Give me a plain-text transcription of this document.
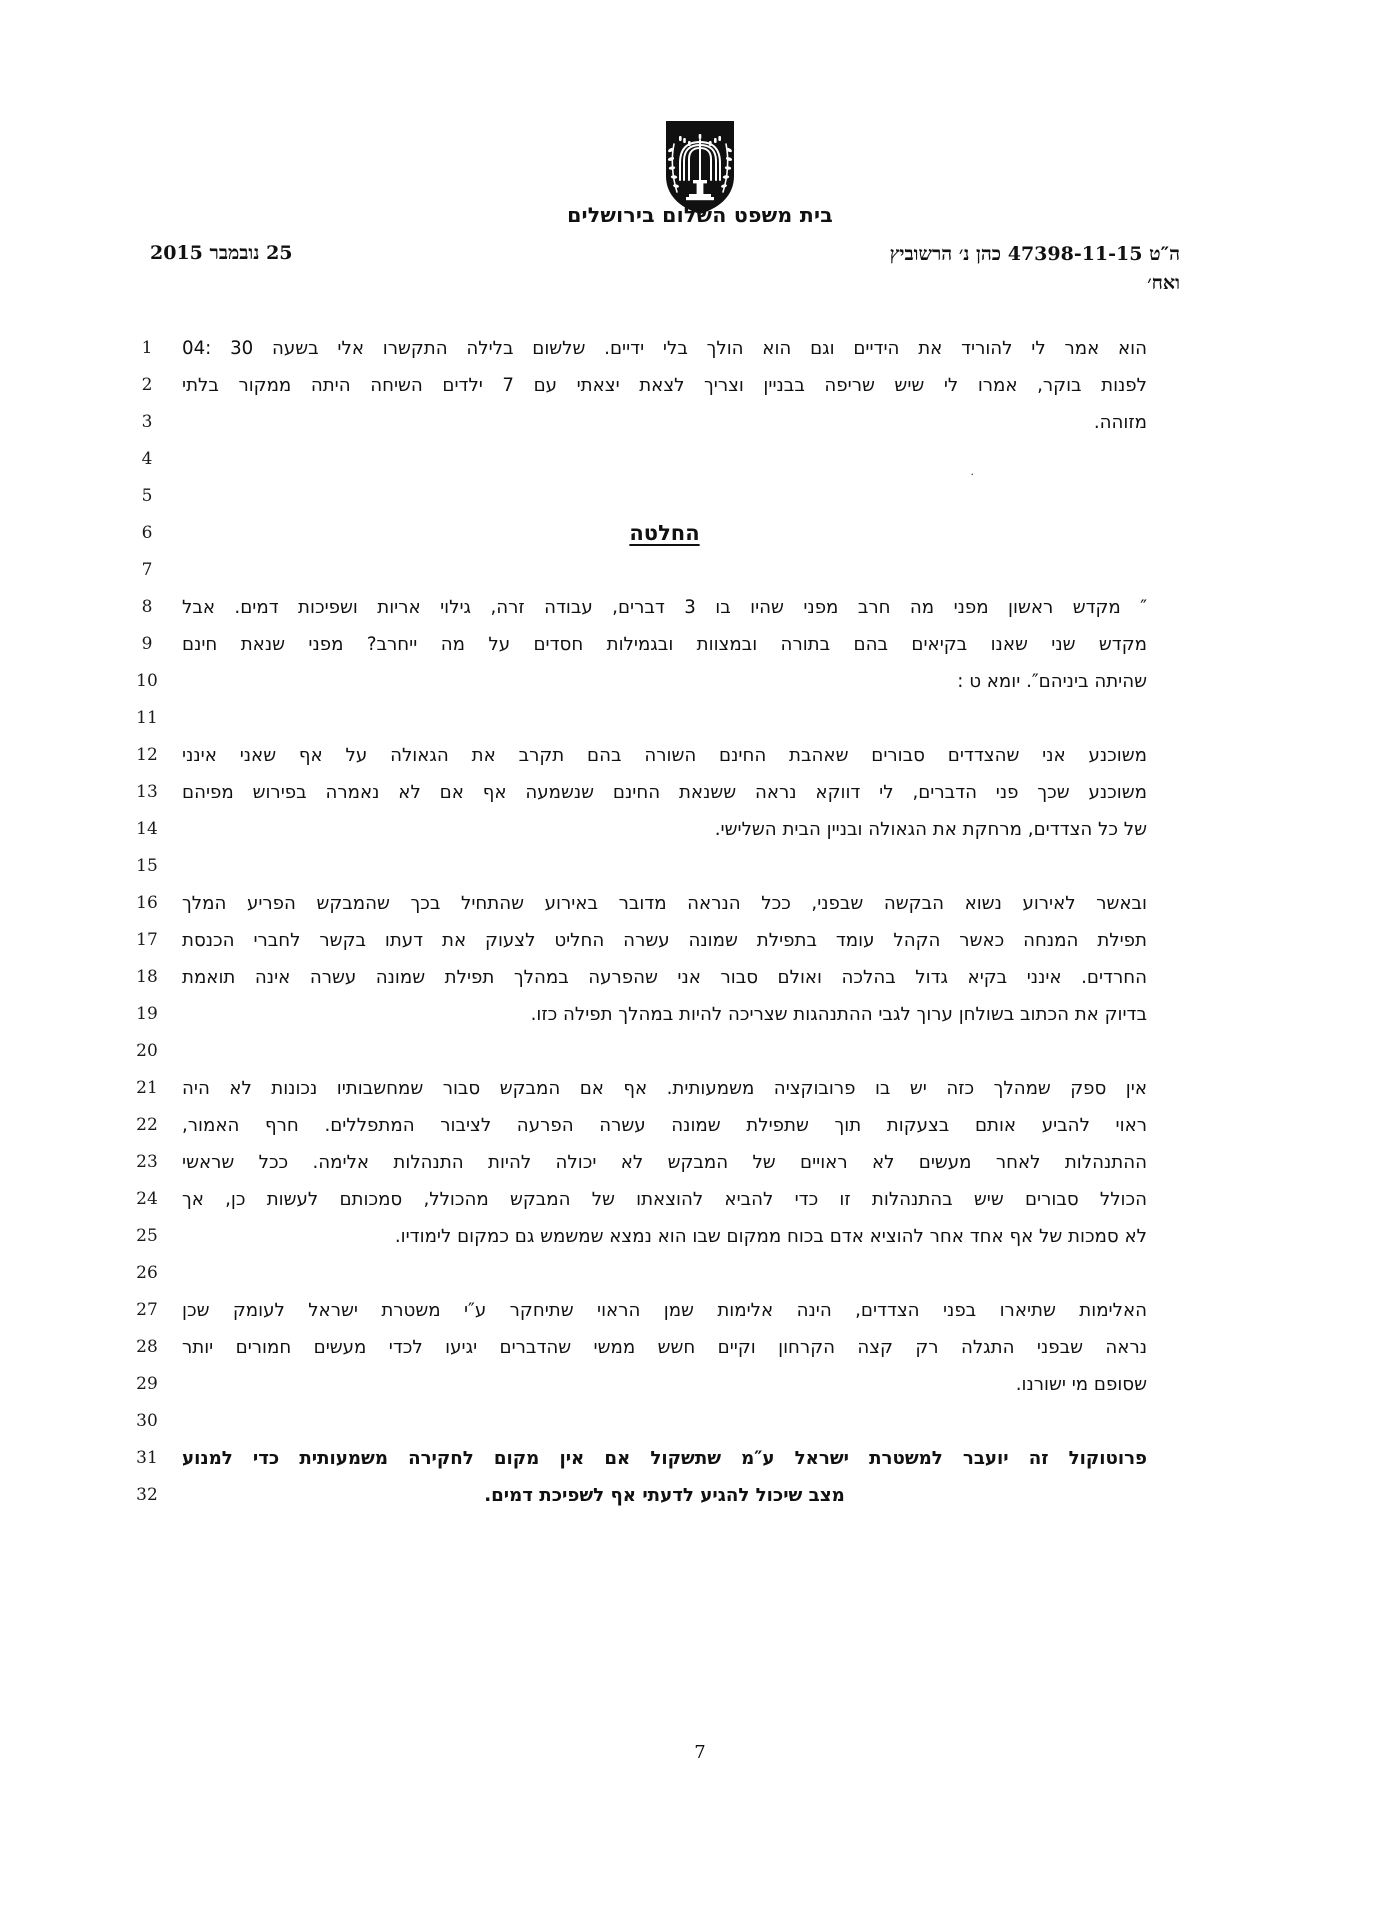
בית משפט השלום בירושלים
ה″ט 47398-11-15 כהן נ׳ הרשוביץ
ואח׳
25 נובמבר 2015
̇̇̇̇
הוא אמר לי להוריד את הידיים וגם הוא הולך בלי ידיים. שלשום בלילה התקשרו אלי בשעה 30 :04
1
לפנות בוקר, אמרו לי שיש שריפה בבניין וצריך לצאת יצאתי עם 7 ילדים השיחה היתה ממקור בלתי
2
מזוהה.
3
4
5
החלטה
6
7
″ מקדש ראשון מפני מה חרב מפני שהיו בו 3 דברים, עבודה זרה, גילוי אריות ושפיכות דמים. אבל
8
מקדש שני שאנו בקיאים בהם בתורה ובמצוות ובגמילות חסדים על מה ייחרב? מפני שנאת חינם
9
שהיתה ביניהם″. יומא ט :
10
11
משוכנע אני שהצדדים סבורים שאהבת החינם השורה בהם תקרב את הגאולה על אף שאני אינני
12
משוכנע שכך פני הדברים, לי דווקא נראה ששנאת החינם שנשמעה אף אם לא נאמרה בפירוש מפיהם
13
של כל הצדדים, מרחקת את הגאולה ובניין הבית השלישי.
14
15
ובאשר לאירוע נשוא הבקשה שבפני, ככל הנראה מדובר באירוע שהתחיל בכך שהמבקש הפריע המלך
16
תפילת המנחה כאשר הקהל עומד בתפילת שמונה עשרה החליט לצעוק את דעתו בקשר לחברי הכנסת
17
החרדים. אינני בקיא גדול בהלכה ואולם סבור אני שהפרעה במהלך תפילת שמונה עשרה אינה תואמת
18
בדיוק את הכתוב בשולחן ערוך לגבי ההתנהגות שצריכה להיות במהלך תפילה כזו.
19
20
אין ספק שמהלך כזה יש בו פרובוקציה משמעותית. אף אם המבקש סבור שמחשבותיו נכונות לא היה
21
ראוי להביע אותם בצעקות תוך שתפילת שמונה עשרה הפרעה לציבור המתפללים. חרף האמור,
22
ההתנהלות לאחר מעשים לא ראויים של המבקש לא יכולה להיות התנהלות אלימה. ככל שראשי
23
הכולל סבורים שיש בהתנהלות זו כדי להביא להוצאתו של המבקש מהכולל, סמכותם לעשות כן, אך
24
לא סמכות של אף אחד אחר להוציא אדם בכוח ממקום שבו הוא נמצא שמשמש גם כמקום לימודיו.
25
26
האלימות שתיארו בפני הצדדים, הינה אלימות שמן הראוי שתיחקר ע″י משטרת ישראל לעומק שכן
27
נראה שבפני התגלה רק קצה הקרחון וקיים חשש ממשי שהדברים יגיעו לכדי מעשים חמורים יותר
28
שסופם מי ישורנו.
29
30
פרוטוקול זה יועבר למשטרת ישראל ע″מ שתשקול אם אין מקום לחקירה משמעותית כדי למנוע
31
מצב שיכול להגיע לדעתי אף לשפיכת דמים.
32
7
